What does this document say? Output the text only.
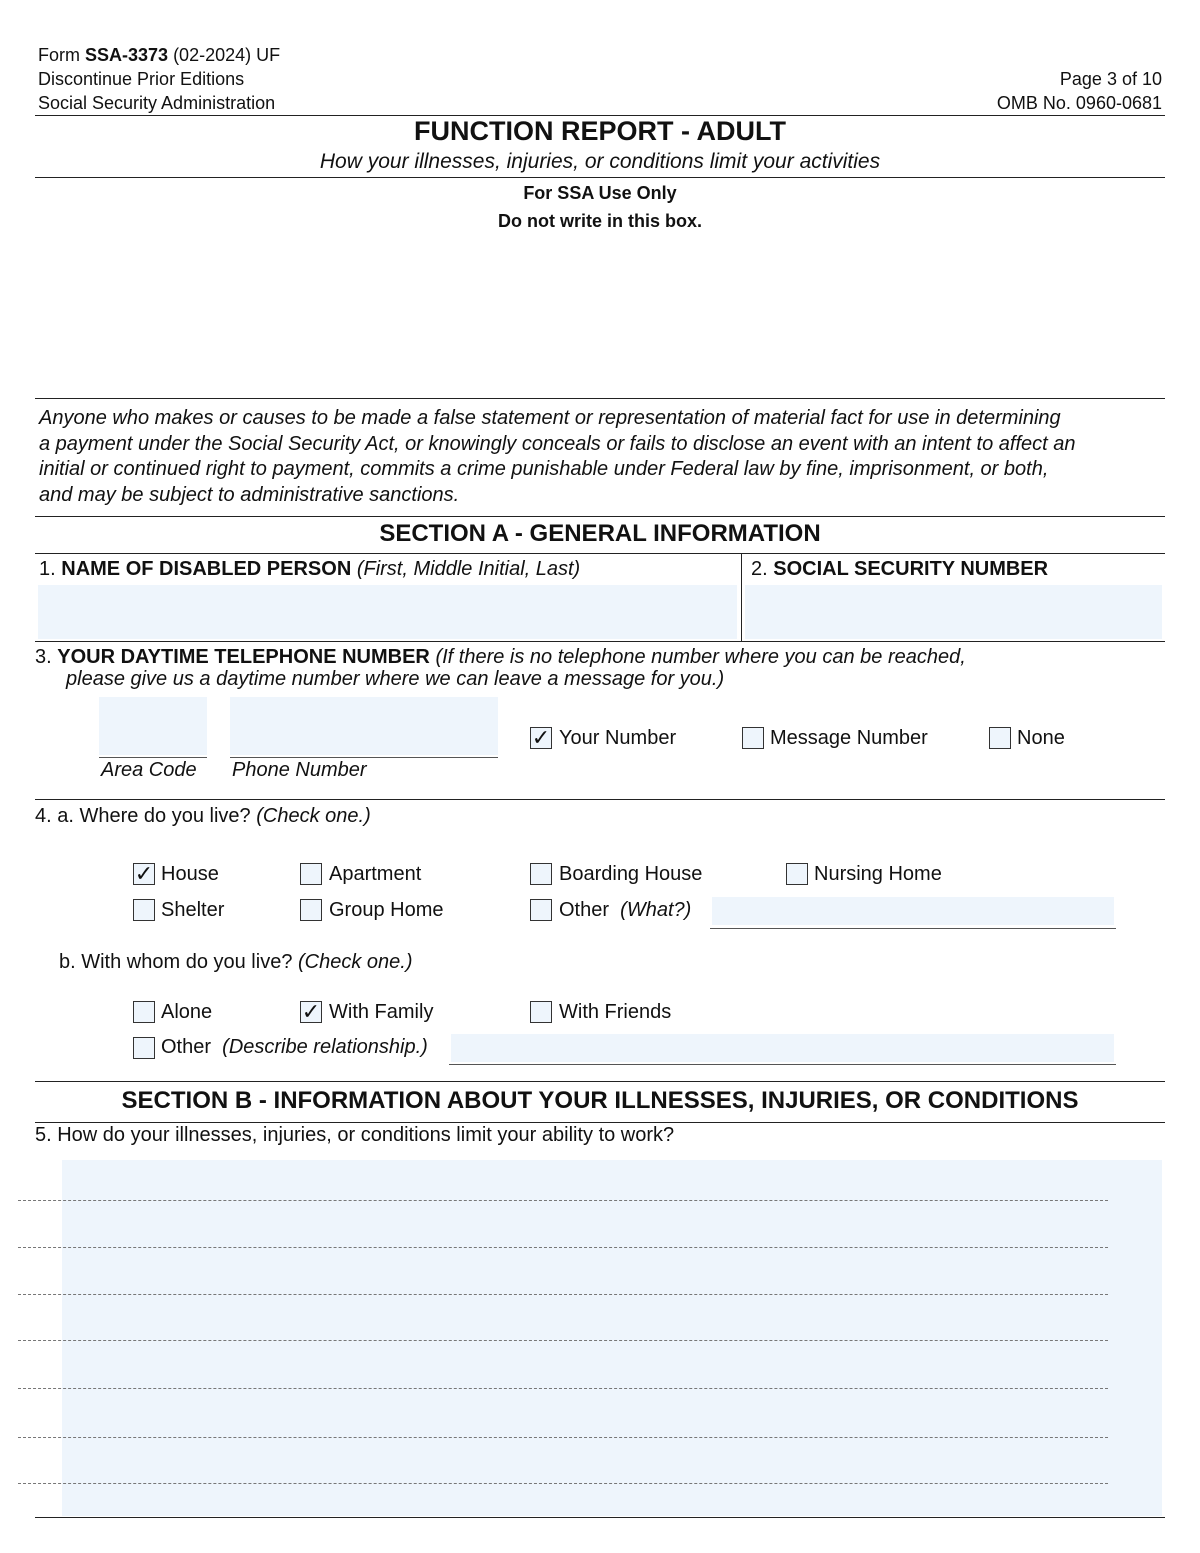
Form SSA-3373 (02-2024) UF
Discontinue Prior Editions
Social Security Administration
Page 3 of 10
OMB No. 0960-0681
FUNCTION REPORT - ADULT
How your illnesses, injuries, or conditions limit your activities
For SSA Use Only
Do not write in this box.
Anyone who makes or causes to be made a false statement or representation of material fact for use in determining
a payment under the Social Security Act, or knowingly conceals or fails to disclose an event with an intent to affect an
initial or continued right to payment, commits a crime punishable under Federal law by fine, imprisonment, or both,
and may be subject to administrative sanctions.
SECTION A - GENERAL INFORMATION
1. NAME OF DISABLED PERSON (First, Middle Initial, Last)	2. SOCIAL SECURITY NUMBER
3. YOUR DAYTIME TELEPHONE NUMBER (If there is no telephone number where you can be reached,
please give us a daytime number where we can leave a message for you.)
Area Code Phone Number
✓ Your Number	Message Number	None
4. a. Where do you live? (Check one.)
✓ House	Apartment	Boarding House	Nursing Home
Shelter	Group Home	Other (What?)
b. With whom do you live? (Check one.)
Alone	✓ With Family	With Friends
Other (Describe relationship.)
SECTION B - INFORMATION ABOUT YOUR ILLNESSES, INJURIES, OR CONDITIONS
5. How do your illnesses, injuries, or conditions limit your ability to work?
